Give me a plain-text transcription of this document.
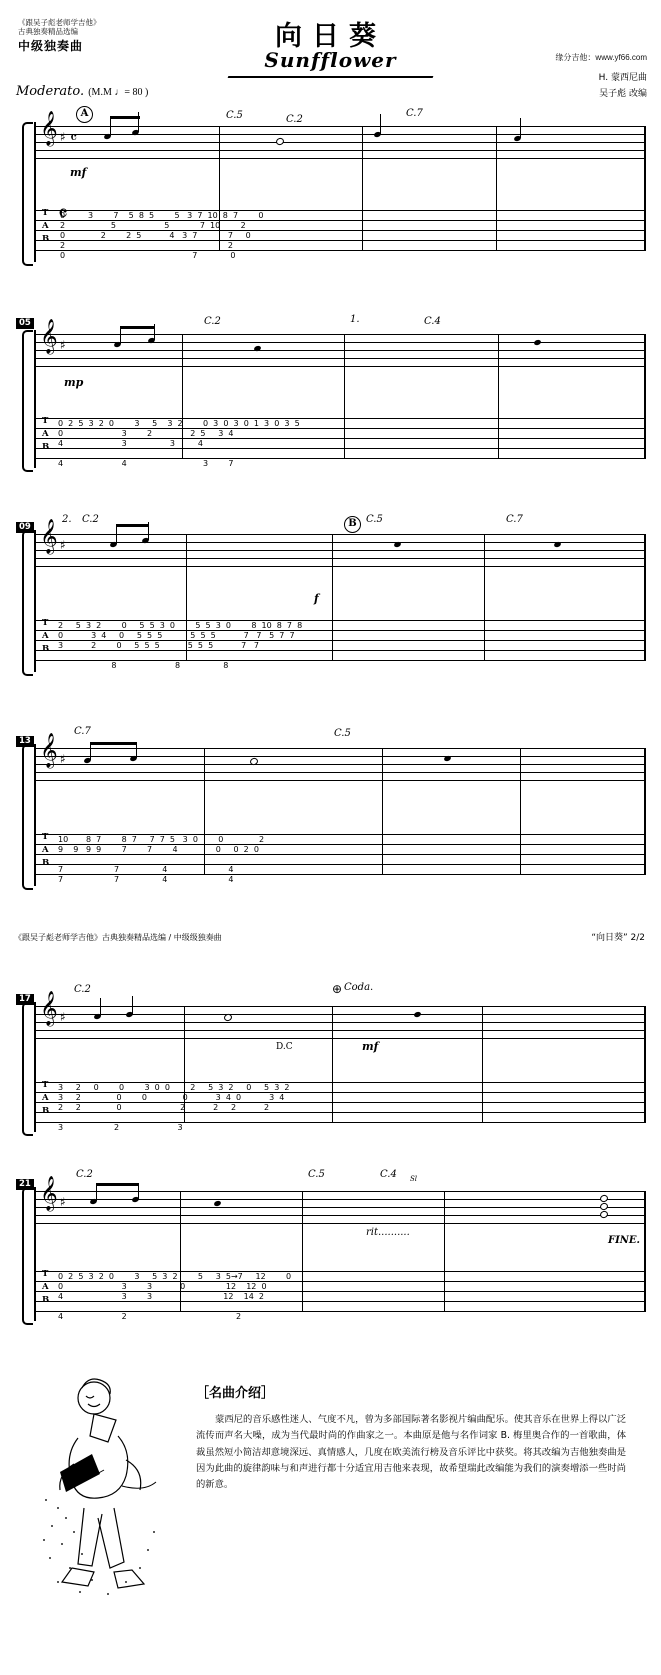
《跟吴子彪老师学吉他》
古典独奏精品选编
中级独奏曲	向日葵
Sunfflower	缘分吉他：www.yf66.com
H. 蒙西尼曲
吴子彪 改编
Moderato. (M.M ♩= 80 )
𝄞 ♯ 𝄴
T
A
B
𝄴
A	C.5	C.2
C.7
mf
0         3        7    5  8  5        5   3  7  10  8  7        0
2                  5                   5            7  10        2
0              2        2  5           4   3  7            7     0
2                                                                2
0                                                  7             0
05 𝄞 ♯
T
A
B
C.2	1.	C.4
mp
0  2  5  3  2  0        3     5    3  2        0  3  0  3  0  1  3  0  3  5
0                       3        2               2  5     3  4
4                       3                 3         4
4                       4                              3        7
09 𝄞 ♯
T
A
B
2. C.2	B C.5	C.7
f
2     5  3  2        0     5  5  3  0        5  5  3  0        8  10  8  7  8
0           3  4     0     5  5  5           5  5  5           7   7   5  7  7
3           2        0     5  5  5           5  5  5           7   7
8                       8                 8
13 𝄞 ♯
T
A
B
C.7	C.5
10       8  7        8  7     7  7  5   3  0        0              2
9    9   9  9        7        7        4               0     0  2  0
7                    7                 4                        4
7                    7                 4                        4
《跟吴子彪老师学吉他》古典独奏精品选编 / 中级级独奏曲	“向日葵” 2/2
17 𝄞 ♯
T
A
B
C.2	Coda.
⊕
D.C	mf
3     2     0        0        3  0  0        2     5  3  2     0     5  3  2
3     2              0        0              0           3  4  0           3  4
2     2              0                       2           2     2           2
3                    2                       3
21 𝄞 ♯
T
A
B
C.2	C.5	C.4 Sl
rit..........
FINE.
0  2  5  3  2  0        3     5  3  2        5     3  5→7     12        0
0                       3        3           0                12    12  0
4                       3        3                            12    14  2
4                       2                                           2
［名曲介绍］
蒙西尼的音乐感性迷人、气度不凡，曾为多部国际著名影视片编曲配乐。使其音乐在世界上得以广泛流传而声名大噪，成为当代最时尚的作曲家之一。本曲原是他与名作词家 B. 梅里奥合作的一首歌曲，体裁虽然短小简洁却意境深远、真情感人，几度在欧美流行榜及音乐评比中获奖。将其改编为吉他独奏曲是因为此曲的旋律韵味与和声进行都十分适宜用吉他来表现，故希望瑞此改编能为我们的演奏增添一些时尚的新意。
